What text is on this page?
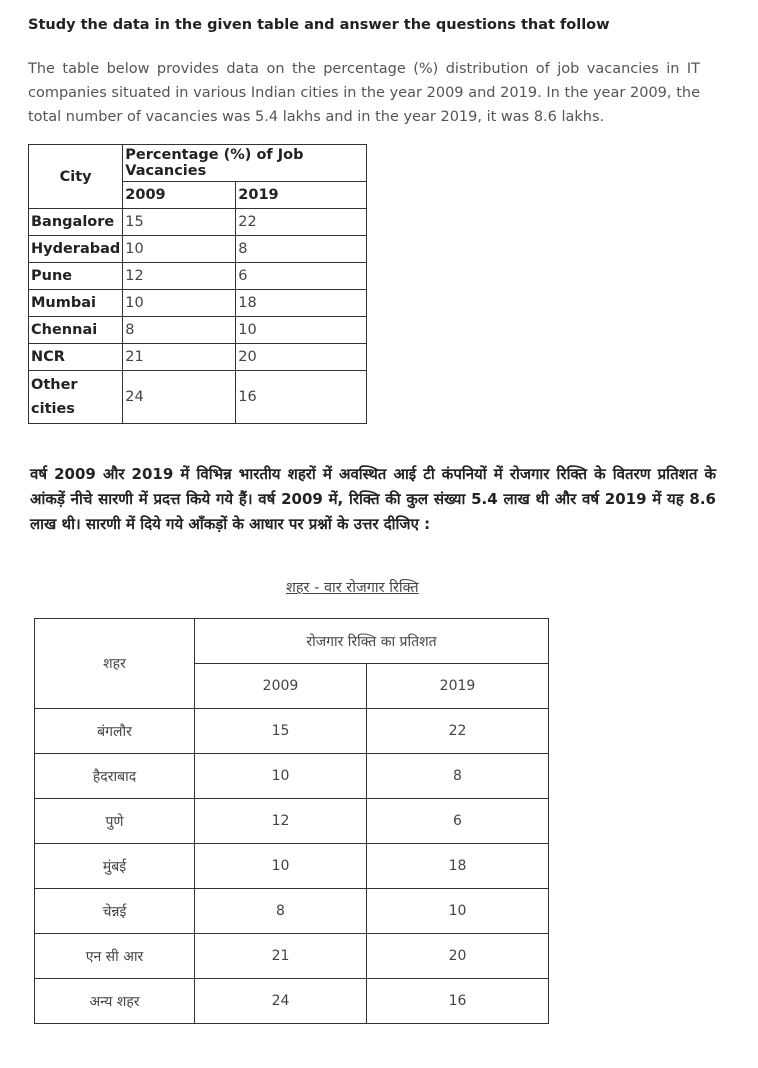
Study the data in the given table and answer the questions that follow
The table below provides data on the percentage (%) distribution of job vacancies in IT companies situated in various Indian cities in the year 2009 and 2019. In the year 2009, the total number of vacancies was 5.4 lakhs and in the year 2019, it was 8.6 lakhs.
City	Percentage (%) of Job Vacancies	
	2009	2019
Bangalore	15	22
Hyderabad	10	8
Pune	12	6
Mumbai	10	18
Chennai	8	10
NCR	21	20
Other cities	24	16
वर्ष 2009 और 2019 में विभिन्न भारतीय शहरों में अवस्थित आई टी कंपनियों में रोजगार रिक्ति के वितरण प्रतिशत के आंकड़ें नीचे सारणी में प्रदत्त किये गये हैं। वर्ष 2009 में, रिक्ति की कुल संख्या 5.4 लाख थी और वर्ष 2019 में यह 8.6 लाख थी। सारणी में दिये गये आँकड़ों के आधार पर प्रश्नों के उत्तर दीजिए :
शहर - वार रोजगार रिक्ति
शहर	रोजगार रिक्ति का प्रतिशत	
	2009	2019
बंगलौर	15	22
हैदराबाद	10	8
पुणे	12	6
मुंबई	10	18
चेन्नई	8	10
एन सी आर	21	20
अन्य शहर	24	16
